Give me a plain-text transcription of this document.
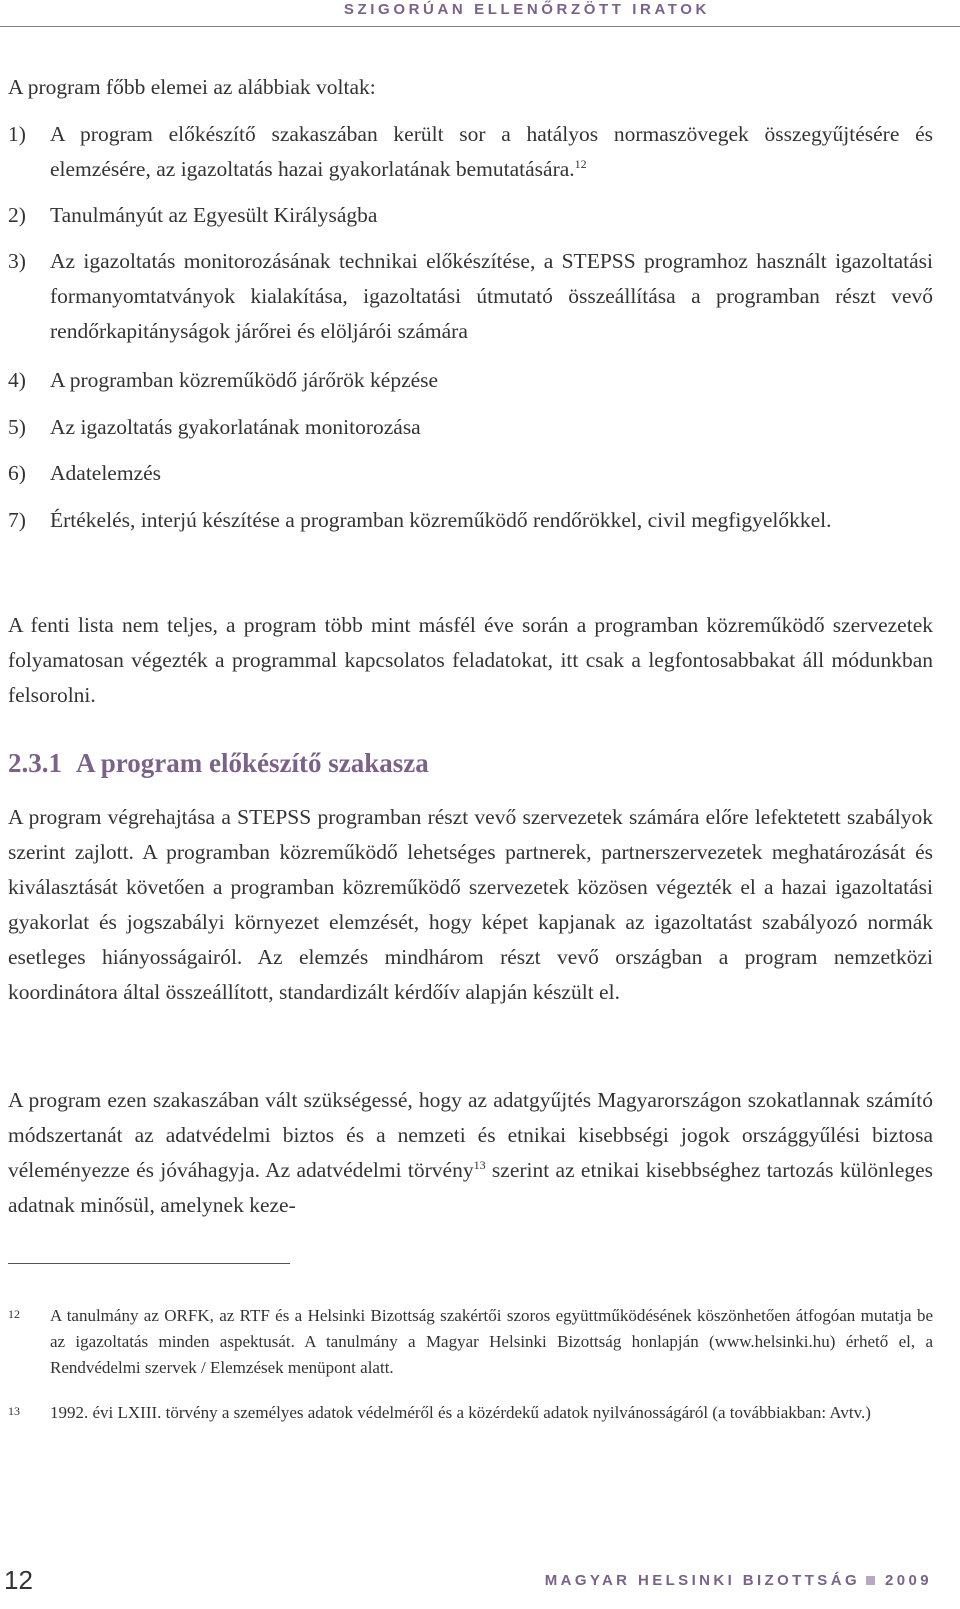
SZIGORÚAN ELLENŐRZÖTT IRATOK

A program főbb elemei az alábbiak voltak:

1)	A program előkészítő szakaszában került sor a hatályos normaszövegek összegyűjtésére és elemzésére, az igazoltatás hazai gyakorlatának bemutatására.$^{12}$
2)	Tanulmányút az Egyesült Királyságba
3)	Az igazoltatás monitorozásának technikai előkészítése, a STEPSS programhoz használt igazoltatási formanyomtatványok kialakítása, igazoltatási útmutató összeállítása a programban részt vevő rendőrkapitányságok járőrei és elöljárói számára
4)	A programban közreműködő járőrök képzése
5)	Az igazoltatás gyakorlatának monitorozása
6)	Adatelemzés
7)	Értékelés, interjú készítése a programban közreműködő rendőrökkel, civil megfigyelőkkel.

A fenti lista nem teljes, a program több mint másfél éve során a programban közreműködő szervezetek folyamatosan végezték a programmal kapcsolatos feladatokat, itt csak a legfontosabbakat áll módunkban felsorolni.

2.3.1 A program előkészítő szakasza

A program végrehajtása a STEPSS programban részt vevő szervezetek számára előre lefektetett szabályok szerint zajlott. A programban közreműködő lehetséges partnerek, partnerszervezetek meghatározását és kiválasztását követően a programban közreműködő szervezetek közösen végezték el a hazai igazoltatási gyakorlat és jogszabályi környezet elemzését, hogy képet kapjanak az igazoltatást szabályozó normák esetleges hiányosságairól. Az elemzés mindhárom részt vevő országban a program nemzetközi koordinátora által összeállított, standardizált kérdőív alapján készült el.

A program ezen szakaszában vált szükségessé, hogy az adatgyűjtés Magyarországon szokatlannak számító módszertanát az adatvédelmi biztos és a nemzeti és etnikai kisebbségi jogok országgyűlési biztosa véleményezze és jóváhagyja. Az adatvédelmi törvény$^{13}$ szerint az etnikai kisebbséghez tartozás különleges adatnak minősül, amelynek keze-

12	A tanulmány az ORFK, az RTF és a Helsinki Bizottság szakértői szoros együttműködésének köszönhetően átfogóan mutatja be az igazoltatás minden aspektusát. A tanulmány a Magyar Helsinki Bizottság honlapján (www.helsinki.hu) érhető el, a Rendvédelmi szervek / Elemzések menüpont alatt.
13	1992. évi LXIII. törvény a személyes adatok védelméről és a közérdekű adatok nyilvánosságáról (a továbbiakban: Avtv.)
12	MAGYAR HELSINKI BIZOTTSÁG 2009
